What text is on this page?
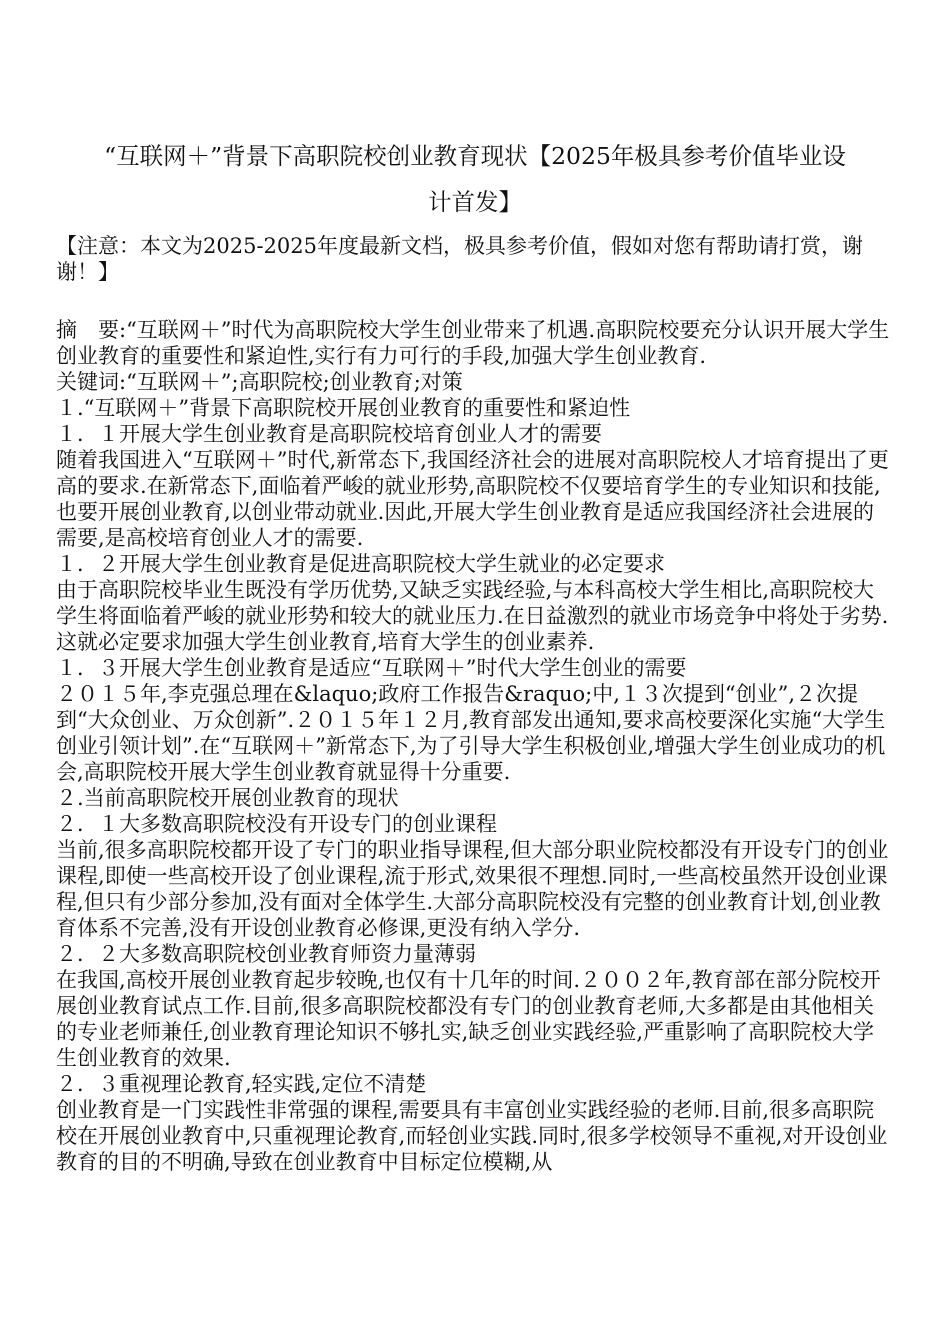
“互联网＋”背景下高职院校创业教育现状【2025年极具参考价值毕业设
计首发】
【注意：本文为2025-2025年度最新文档，极具参考价值，假如对您有帮助请打赏，谢谢！】

摘　要:“互联网＋”时代为高职院校大学生创业带来了机遇.高职院校要充分认识开展大学生创业教育的重要性和紧迫性,实行有力可行的手段,加强大学生创业教育.

关键词:“互联网＋”;高职院校;创业教育;对策

１.“互联网＋”背景下高职院校开展创业教育的重要性和紧迫性

１．１开展大学生创业教育是高职院校培育创业人才的需要

随着我国进入“互联网＋”时代,新常态下,我国经济社会的进展对高职院校人才培育提出了更高的要求.在新常态下,面临着严峻的就业形势,高职院校不仅要培育学生的专业知识和技能,也要开展创业教育,以创业带动就业.因此,开展大学生创业教育是适应我国经济社会进展的需要,是高校培育创业人才的需要.

１．２开展大学生创业教育是促进高职院校大学生就业的必定要求

由于高职院校毕业生既没有学历优势,又缺乏实践经验,与本科高校大学生相比,高职院校大学生将面临着严峻的就业形势和较大的就业压力.在日益激烈的就业市场竞争中将处于劣势.这就必定要求加强大学生创业教育,培育大学生的创业素养.

１．３开展大学生创业教育是适应“互联网＋”时代大学生创业的需要

２０１５年,李克强总理在&laquo;政府工作报告&raquo;中,１３次提到“创业”,２次提到“大众创业、万众创新”.２０１５年１２月,教育部发出通知,要求高校要深化实施“大学生创业引领计划”.在“互联网＋”新常态下,为了引导大学生积极创业,增强大学生创业成功的机会,高职院校开展大学生创业教育就显得十分重要.

２.当前高职院校开展创业教育的现状

２．１大多数高职院校没有开设专门的创业课程

当前,很多高职院校都开设了专门的职业指导课程,但大部分职业院校都没有开设专门的创业课程,即使一些高校开设了创业课程,流于形式,效果很不理想.同时,一些高校虽然开设创业课程,但只有少部分参加,没有面对全体学生.大部分高职院校没有完整的创业教育计划,创业教育体系不完善,没有开设创业教育必修课,更没有纳入学分.

２．２大多数高职院校创业教育师资力量薄弱

在我国,高校开展创业教育起步较晚,也仅有十几年的时间.２００２年,教育部在部分院校开展创业教育试点工作.目前,很多高职院校都没有专门的创业教育老师,大多都是由其他相关的专业老师兼任,创业教育理论知识不够扎实,缺乏创业实践经验,严重影响了高职院校大学生创业教育的效果.

２．３重视理论教育,轻实践,定位不清楚

创业教育是一门实践性非常强的课程,需要具有丰富创业实践经验的老师.目前,很多高职院校在开展创业教育中,只重视理论教育,而轻创业实践.同时,很多学校领导不重视,对开设创业教育的目的不明确,导致在创业教育中目标定位模糊,从
